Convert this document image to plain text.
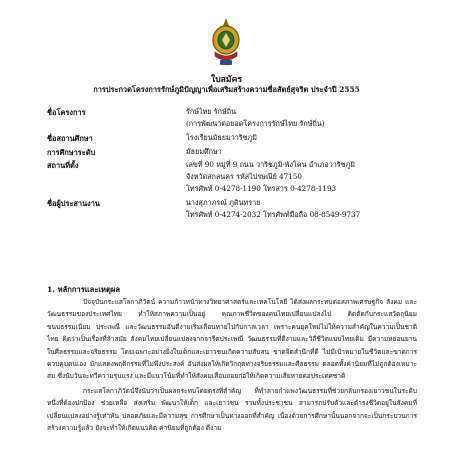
ใบสมัคร
การประกวดโครงการรักษ์ภูมิปัญญาเพื่อเสริมสร้างความซื่อสัตย์สุจริต ประจำปี 2555
ชื่อโครงการ	รักษ์ไทย รักษ์ถิ่น
(การพัฒนาต่อยอดโครงการรักษ์ไทย รักษ์ถิ่น)
ชื่อสถานศึกษา	โรงเรียนมัธยมวาริชภูมิ
การศึกษาระดับ	มัธยมศึกษา
สถานที่ตั้ง	เลขที่ 90 หมู่ที่ 9 ถนน วาริชภูมิ-พังโคน อำเภอวาริชภูมิ
จังหวัดสกลนคร รหัสไปรษณีย์ 47150
โทรศัพท์ 0-4278-1190 โทรสาร 0-4278-1193
ชื่อผู้ประสานงาน	นางสุภาภรณ์ ภูดินทราย
โทรศัพท์ 0-4274-2032 โทรศัพท์มือถือ 08-8549-9737
1. หลักการและเหตุผล

ปัจจุบันกระแสโลกาภิวัตน์ ความก้าวหน้าทางวิทยาศาสตร์และเทคโนโลยี ได้ส่งผลกระทบต่อสภาพเศรษฐกิจ สังคม และวัฒนธรรมของประเทศไทย ทำให้สภาพความเป็นอยู่ คุณภาพชีวิตของคนไทยเปลี่ยนแปลงไป ติดตัดกับกระแสวัตถุนิยม ขนบธรรมเนียม ประเพณี และวัฒนธรรมอันดีงามเริ่มเลือนหายไปกับกาลเวลา เพราะคนยุคใหม่ไม่ให้ความสำคัญในความเป็นชาติไทย คิดว่าเป็นเรื่องที่ล้าสมัย สังคมไทยเปลี่ยนแปลงจากจารีตประเพณี วัฒนธรรมที่ดีงามและวิถีชีวิตแบบไทยเดิม มีความหย่อนยานในศีลธรรมและจริยธรรม โดยเฉพาะอย่างยิ่งในเด็กและเยาวชนเกิดความสับสน ขาดจิตสำนึกที่ดี ไม่มีเป้าหมายในชีวิตและขาดการควบคุมตนเอง มักแสดงพฤติกรรมที่ไม่พึงประสงค์ อันส่งผลให้เกิดวิกฤตทางจริยธรรมและศีลธรรม ตลอดทั้งค่านิยมที่ไม่ถูกต้องเหมาะสม ซึ่งนับวันจะทวีความรุนแรง และมีแนวโน้มที่ทำให้สังคมเสื่อมถอยก่อให้เกิดความเสียหายต่อประเทศชาติ

กระแสโลกาภิวัตน์จึงนับว่าเป็นผลกระทบโดยตรงที่สำคัญ ที่ทำลายกำแพงวัฒนธรรมที่ช่วยกลั่นกรองเยาวชนในระดับหนึ่งที่ต้องปกป้อง ช่วยเหลือ ส่งเสริม พัฒนาให้เด็ก และเยาวชน รวมทั้งประชาชน สามารถปรับตัวและดำรงชีวิตอยู่ในสังคมที่เปลี่ยนแปลงอย่างรู้เท่าทัน ปลอดภัยและมีความสุข การศึกษาเป็นทางออกที่สำคัญ เนื่องด้วยการศึกษานั้นนอกจากจะเป็นกระบวนการสร้างความรู้แล้ว ยังจะทำให้เกิดแนวคิด ค่านิยมที่ถูกต้อง ดีงาม
